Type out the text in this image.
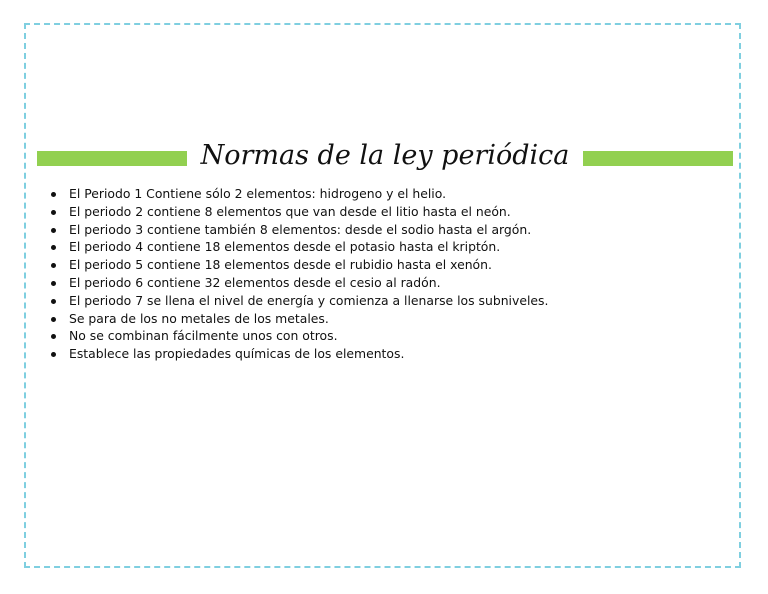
Normas de la ley periódica
El Periodo 1 Contiene sólo 2 elementos: hidrogeno y el helio.
El periodo 2 contiene 8 elementos que van desde el litio hasta el neón.
El periodo 3 contiene también 8 elementos: desde el sodio hasta el argón.
El periodo 4 contiene 18 elementos desde el potasio hasta el kriptón.
El periodo 5 contiene 18 elementos desde el rubidio hasta el xenón.
El periodo 6 contiene 32 elementos desde el cesio al radón.
El periodo 7 se llena el nivel de energía y comienza a llenarse los subniveles.
Se para de los no metales de los metales.
No se combinan fácilmente unos con otros.
Establece las propiedades químicas de los elementos.
